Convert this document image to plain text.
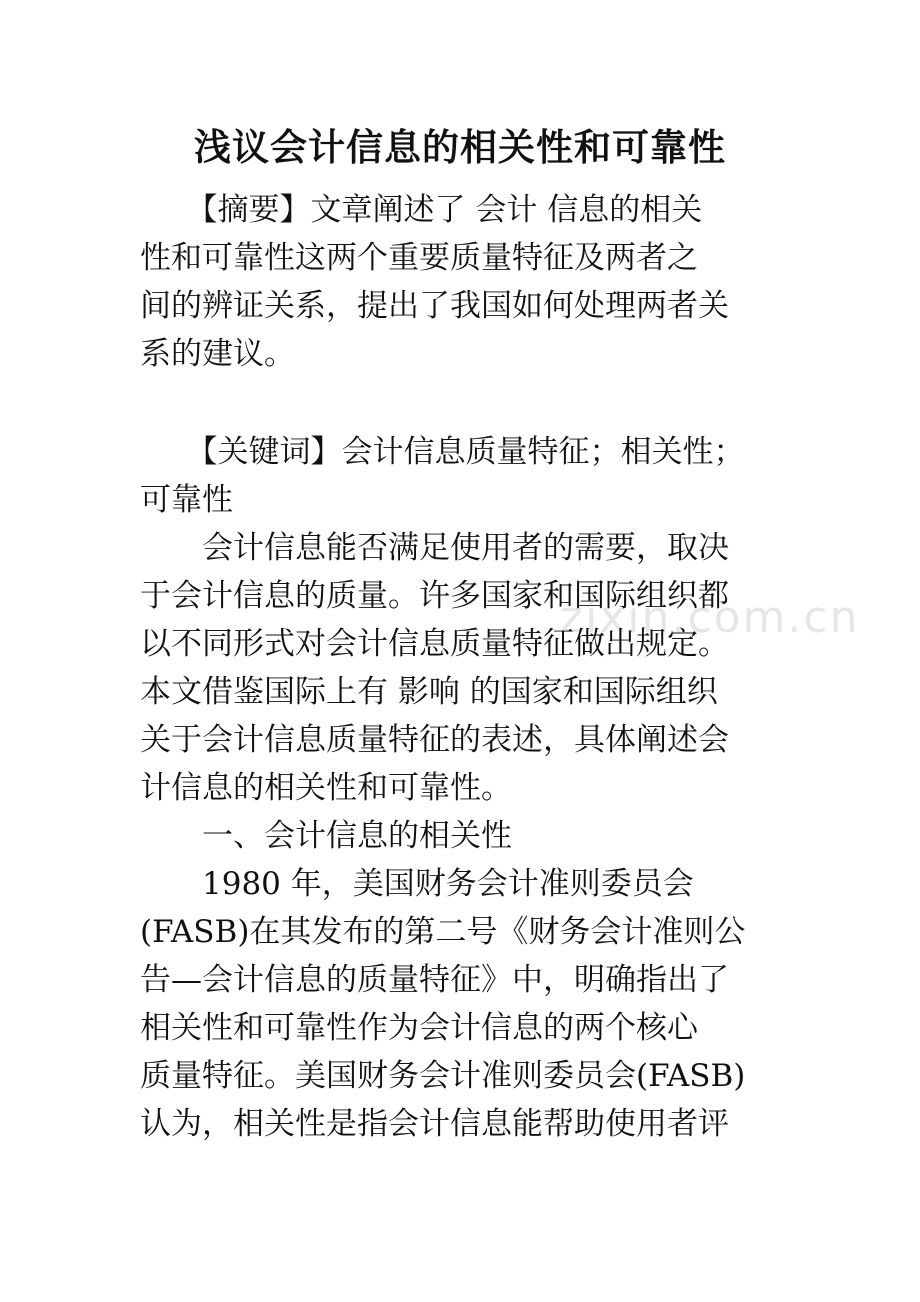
zixin.com.cn
浅议会计信息的相关性和可靠性
　　【摘要】文章阐述了 会计 信息的相关
性和可靠性这两个重要质量特征及两者之
间的辨证关系，提出了我国如何处理两者关
系的建议。
　　【关键词】会计信息质量特征；相关性；
可靠性
　　会计信息能否满足使用者的需要，取决
于会计信息的质量。许多国家和国际组织都
以不同形式对会计信息质量特征做出规定。
本文借鉴国际上有 影响 的国家和国际组织
关于会计信息质量特征的表述，具体阐述会
计信息的相关性和可靠性。
　　一、会计信息的相关性
　　1980 年，美国财务会计准则委员会
(FASB)在其发布的第二号《财务会计准则公
告—会计信息的质量特征》中，明确指出了
相关性和可靠性作为会计信息的两个核心
质量特征。美国财务会计准则委员会(FASB)
认为，相关性是指会计信息能帮助使用者评
